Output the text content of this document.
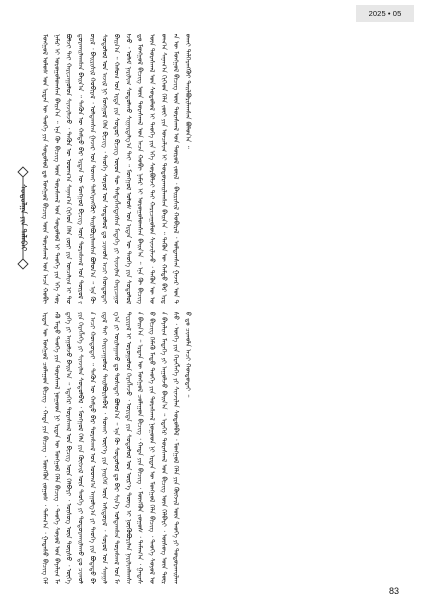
2025 • 05
ᠰᠤᠳᠤᠯᠭᠠ ᠶᠢᠨ ᠲᠠᠯᠠᠪᠠᠢ	ᠮᠣᠩᠭᠣᠯ ᠤᠯᠤᠰ ᠤᠨ ᠡᠷᠲᠡᠨ ᠦ ᠲᠡᠦᠬᠡ ᠶᠢᠨ ᠰᠤᠳᠤᠯᠤᠯ ᠳᠤ ᠮᠣᠩᠭᠣᠯ ᠪᠢᠴᠢᠭ ᠦᠨ ᠳᠤᠷᠠᠰᠬᠠᠯ ᠤᠨ ᠠᠴᠠ ᠬᠤᠪᠢ ᠨᠡᠮᠡᠷ ᠢ ᠣᠷᠤᠭᠤᠯᠤᠭᠰᠠᠨ ᠪᠠᠢᠨ᠎ᠠ ᠃ ᠡᠨᠡ ᠬᠦ ᠪᠢᠴᠢᠭ ᠦᠨ ᠳᠤᠷᠠᠰᠬᠠᠯ ᠤᠨ ᠰᠤᠳᠤᠯᠤᠯ ᠢ ᠲᠡᠦᠬᠡ ᠶᠢᠨ ᠡᠬᠡ ᠰᠤᠷᠪᠤᠯᠵᠢ ᠲᠠᠢ ᠬᠠᠷᠢᠴᠠᠭᠤᠯᠤᠨ ᠰᠢᠨᠵᠢᠯᠡᠵᠦ ᠂ ᠲᠡᠭᠦᠨ ᠦ ᠤᠳᠬ᠎ᠠ ᠰᠠᠨᠠᠭ᠎ᠠ ᠬᠢᠭᠡᠳ ᠬᠡᠯᠡ ᠵᠦᠢ ᠶᠢᠨ ᠣᠨᠴᠠᠯᠢᠭ ᠢ ᠲᠣᠳᠣᠷᠬᠠᠢᠯᠠᠭᠰᠠᠨ ᠪᠠᠢᠨ᠎ᠠ ᠃ ᠲᠡᠭᠦᠨ ᠦ ᠬᠠᠮᠲᠤ ᠪᠠᠷ ᠡᠷᠲᠡᠨ ᠦ ᠮᠣᠩᠭᠣᠯ ᠪᠢᠴᠢᠭ ᠦᠨ ᠳᠤᠷᠠᠰᠬᠠᠯ ᠤᠨ ᠲᠦᠷᠦᠯ ᠵᠦᠢᠯ ᠂ ᠪᠠᠢᠷᠢᠰᠢᠯ ᠬᠤᠪᠢᠷᠠᠯ ᠂ ᠣᠯᠳᠠᠭᠰᠠᠨ ᠭᠠᠵᠠᠷ ᠤᠨ ᠲᠤᠬᠠᠢ ᠳᠡᠯᠭᠡᠷᠡᠩᠭᠦᠢ ᠲᠠᠢᠯᠪᠤᠷᠢᠯᠠᠭᠰᠠᠨ ᠪᠣᠯᠤᠨ᠎ᠠ ᠃ ᠡᠨᠡ ᠬᠦ ᠰᠤᠳᠤᠯᠤᠯ ᠤᠨ ᠠᠵᠢᠯ ᠨᠢ ᠮᠣᠩᠭᠣᠯ ᠬᠡᠯᠡ ᠪᠢᠴᠢᠭ ᠂ ᠲᠡᠦᠬᠡ ᠰᠣᠶᠤᠯ ᠤᠨ ᠰᠤᠳᠤᠯᠤᠯ ᠳᠤ ᠴᠢᠬᠤᠯᠠ ᠠᠴᠢ ᠬᠤᠨᠳᠤᠲᠠᠢ ᠪᠠᠢᠨ᠎ᠠ ᠃ ᠬᠠᠮᠤᠭ ᠤᠨ ᠡᠷᠲᠡ ᠶᠢᠨ ᠰᠤᠳᠤᠷ ᠪᠢᠴᠢᠭ ᠦᠳ ᠲᠦ ᠲᠡᠮᠳᠡᠭᠯᠡᠭᠳᠡᠭᠰᠡᠨ ᠮᠡᠳᠡᠭᠡ ᠶᠢ ᠰᠢᠨᠵᠢᠯᠡᠨ ᠬᠠᠷᠢᠴᠠᠭᠤᠯᠵᠤ ᠂ ᠤᠯᠠᠮ ᠨᠠᠷᠢᠯᠢᠭ ᠰᠤᠳᠤᠯᠬᠤ ᠰᠢᠭᠠᠷᠳᠠᠯᠭ᠎ᠠ ᠲᠠᠢ ᠃ ᠮᠣᠩᠭᠣᠯ ᠤᠯᠤᠰ ᠤᠨ ᠡᠷᠲᠡᠨ ᠦ ᠲᠡᠦᠬᠡ ᠶᠢᠨ ᠰᠤᠳᠤᠯᠤᠯ ᠳᠤ ᠮᠣᠩᠭᠣᠯ ᠪᠢᠴᠢᠭ ᠦᠨ ᠳᠤᠷᠠᠰᠬᠠᠯ ᠤᠨ ᠠᠴᠠ ᠬᠤᠪᠢ ᠨᠡᠮᠡᠷ ᠢ ᠣᠷᠤᠭᠤᠯᠤᠭᠰᠠᠨ ᠪᠠᠢᠨ᠎ᠠ ᠃ ᠡᠨᠡ ᠬᠦ ᠪᠢᠴᠢᠭ ᠦᠨ ᠳᠤᠷᠠᠰᠬᠠᠯ ᠤᠨ ᠰᠤᠳᠤᠯᠤᠯ ᠢ ᠲᠡᠦᠬᠡ ᠶᠢᠨ ᠡᠬᠡ ᠰᠤᠷᠪᠤᠯᠵᠢ ᠲᠠᠢ ᠬᠠᠷᠢᠴᠠᠭᠤᠯᠤᠨ ᠰᠢᠨᠵᠢᠯᠡᠵᠦ ᠂ ᠲᠡᠭᠦᠨ ᠦ ᠤᠳᠬ᠎ᠠ ᠰᠠᠨᠠᠭ᠎ᠠ ᠬᠢᠭᠡᠳ ᠬᠡᠯᠡ ᠵᠦᠢ ᠶᠢᠨ ᠣᠨᠴᠠᠯᠢᠭ ᠢ ᠲᠣᠳᠣᠷᠬᠠᠢᠯᠠᠭᠰᠠᠨ ᠪᠠᠢᠨ᠎ᠠ ᠃ ᠲᠡᠭᠦᠨ ᠦ ᠬᠠᠮᠲᠤ ᠪᠠᠷ ᠡᠷᠲᠡᠨ ᠦ ᠮᠣᠩᠭᠣᠯ ᠪᠢᠴᠢᠭ ᠦᠨ ᠳᠤᠷᠠᠰᠬᠠᠯ ᠤᠨ ᠲᠦᠷᠦᠯ ᠵᠦᠢᠯ ᠂ ᠪᠠᠢᠷᠢᠰᠢᠯ ᠬᠤᠪᠢᠷᠠᠯ ᠂ ᠣᠯᠳᠠᠭᠰᠠᠨ ᠭᠠᠵᠠᠷ ᠤᠨ ᠲᠤᠬᠠᠢ ᠳᠡᠯᠭᠡᠷᠡᠩᠭᠦᠢ ᠲᠠᠢᠯᠪᠤᠷᠢᠯᠠᠭᠰᠠᠨ ᠪᠣᠯᠤᠨ᠎ᠠ ᠃
ᠡᠷᠲᠡᠨ ᠦ ᠮᠣᠩᠭᠣᠯ ᠴᠤᠯᠠᠭᠤᠨ ᠪᠢᠴᠢᠭ ᠂ ᠬᠠᠳᠠ ᠶᠢᠨ ᠪᠢᠴᠢᠭ ᠂ ᠮᠥᠩᠭᠦᠨ ᠵᠣᠭᠣᠰ ᠂ ᠲᠠᠮᠠᠭ᠎ᠠ ᠂ ᠭᠠᠳᠠᠰᠤ ᠪᠢᠴᠢᠭ ᠬᠡᠮᠡᠬᠦ ᠮᠡᠲᠦ ᠲᠡᠦᠬᠡ ᠶᠢᠨ ᠳᠤᠷᠠᠰᠬᠠᠯ ᠨᠤᠭᠤᠳ ᠨᠢ ᠡᠷᠲᠡᠨ ᠦ ᠮᠣᠩᠭᠣᠯ ᠬᠡᠯᠡ ᠪᠢᠴᠢᠭ ᠂ ᠲᠡᠦᠬᠡ ᠰᠣᠶᠤᠯ ᠤᠨ ᠪᠠᠶᠠᠯᠢᠭ ᠮᠡᠳᠡᠭᠡ ᠶᠢ ᠠᠭᠤᠯᠵᠤ ᠪᠠᠢᠨ᠎ᠠ ᠃ ᠡᠳᠡᠭᠡᠷ ᠳᠤᠷᠠᠰᠬᠠᠯ ᠤᠨ ᠪᠢᠴᠢᠭ ᠦᠨ ᠬᠡᠯᠪᠡᠷᠢ ᠂ ᠦᠰᠦᠭ ᠦᠨ ᠳᠦᠷᠰᠦ ᠂ ᠦᠭᠡ ᠶᠢᠨ ᠬᠡᠷᠡᠭᠯᠡᠭᠡ ᠶᠢ ᠰᠢᠨᠵᠢᠯᠡᠨ ᠰᠤᠳᠤᠯᠪᠠᠯ ᠂ ᠮᠣᠩᠭᠣᠯ ᠬᠡᠯᠡ ᠶᠢᠨ ᠬᠥᠭᠵᠢᠯ ᠦᠨ ᠲᠡᠦᠬᠡ ᠶᠢ ᠲᠣᠳᠣᠷᠬᠠᠢᠯᠠᠬᠤ ᠳᠤ ᠴᠢᠬᠤᠯᠠ ᠠᠴᠢ ᠬᠤᠨᠳᠤᠲᠠᠢ ᠃ ᠲᠡᠭᠦᠨ ᠦ ᠬᠠᠮᠲᠤ ᠪᠠᠷ ᠳᠤᠷᠠᠰᠬᠠᠯ ᠤᠨ ᠤᠳᠬ᠎ᠠ ᠠᠭᠤᠯᠭ᠎ᠠ ᠶᠢ ᠲᠡᠦᠬᠡ ᠶᠢᠨ ᠪᠣᠳᠠᠲᠤ ᠪᠠᠢᠳᠠᠯ ᠲᠠᠢ ᠬᠠᠷᠢᠴᠠᠭᠤᠯᠤᠨ ᠲᠠᠢᠯᠪᠤᠷᠢᠯᠠᠪᠠᠯ ᠂ ᠲᠤᠬᠠᠢ ᠦᠶ᠎ᠡ ᠶᠢᠨ ᠨᠡᠢᠭᠡᠮ ᠦᠨ ᠠᠮᠢᠳᠤᠷᠠᠯ ᠂ ᠰᠤᠶᠤᠯ ᠤᠨ ᠰᠠᠨᠠᠭᠠᠯᠭ᠎ᠠ ᠶᠢ ᠣᠢᠯᠠᠭᠠᠬᠤ ᠳᠤ ᠲᠤᠰᠠᠲᠠᠢ ᠪᠣᠯᠤᠨ᠎ᠠ ᠃ ᠡᠨᠡ ᠬᠦ ᠰᠤᠳᠤᠯᠤᠯ ᠳᠤ ᠪᠠᠷ ᠰᠢᠨ᠎ᠡ ᠣᠯᠳᠠᠭᠰᠠᠨ ᠳᠤᠷᠠᠰᠬᠠᠯ ᠤᠨ ᠮᠠᠲ᠋ᠸᠷᠢᠶᠠᠯ ᠢ ᠣᠷᠤᠭᠤᠯᠤᠨ ᠬᠡᠷᠡᠭᠯᠡᠵᠦ ᠂ ᠤᠷᠢᠳᠠ ᠶᠢᠨ ᠰᠤᠳᠤᠯᠤᠯ ᠤᠨ ᠦᠷ᠎ᠡ ᠳᠦᠩ ᠢ ᠨᠥᠬᠥᠪᠦᠷᠢᠯᠡᠨ ᠨᠠᠷᠢᠯᠢᠭᠯᠠᠭᠰᠠᠨ ᠪᠠᠢᠨ᠎ᠠ ᠃ ᠡᠷᠲᠡᠨ ᠦ ᠮᠣᠩᠭᠣᠯ ᠴᠤᠯᠠᠭᠤᠨ ᠪᠢᠴᠢᠭ ᠂ ᠬᠠᠳᠠ ᠶᠢᠨ ᠪᠢᠴᠢᠭ ᠂ ᠮᠥᠩᠭᠦᠨ ᠵᠣᠭᠣᠰ ᠂ ᠲᠠᠮᠠᠭ᠎ᠠ ᠂ ᠭᠠᠳᠠᠰᠤ ᠪᠢᠴᠢᠭ ᠬᠡᠮᠡᠬᠦ ᠮᠡᠲᠦ ᠲᠡᠦᠬᠡ ᠶᠢᠨ ᠳᠤᠷᠠᠰᠬᠠᠯ ᠨᠤᠭᠤᠳ ᠨᠢ ᠡᠷᠲᠡᠨ ᠦ ᠮᠣᠩᠭᠣᠯ ᠬᠡᠯᠡ ᠪᠢᠴᠢᠭ ᠂ ᠲᠡᠦᠬᠡ ᠰᠣᠶᠤᠯ ᠤᠨ ᠪᠠᠶᠠᠯᠢᠭ ᠮᠡᠳᠡᠭᠡ ᠶᠢ ᠠᠭᠤᠯᠵᠤ ᠪᠠᠢᠨ᠎ᠠ ᠃ ᠡᠳᠡᠭᠡᠷ ᠳᠤᠷᠠᠰᠬᠠᠯ ᠤᠨ ᠪᠢᠴᠢᠭ ᠦᠨ ᠬᠡᠯᠪᠡᠷᠢ ᠂ ᠦᠰᠦᠭ ᠦᠨ ᠳᠦᠷᠰᠦ ᠂ ᠦᠭᠡ ᠶᠢᠨ ᠬᠡᠷᠡᠭᠯᠡᠭᠡ ᠶᠢ ᠰᠢᠨᠵᠢᠯᠡᠨ ᠰᠤᠳᠤᠯᠪᠠᠯ ᠂ ᠮᠣᠩᠭᠣᠯ ᠬᠡᠯᠡ ᠶᠢᠨ ᠬᠥᠭᠵᠢᠯ ᠦᠨ ᠲᠡᠦᠬᠡ ᠶᠢ ᠲᠣᠳᠣᠷᠬᠠᠢᠯᠠᠬᠤ ᠳᠤ ᠴᠢᠬᠤᠯᠠ ᠠᠴᠢ ᠬᠤᠨᠳᠤᠲᠠᠢ ᠃
83
